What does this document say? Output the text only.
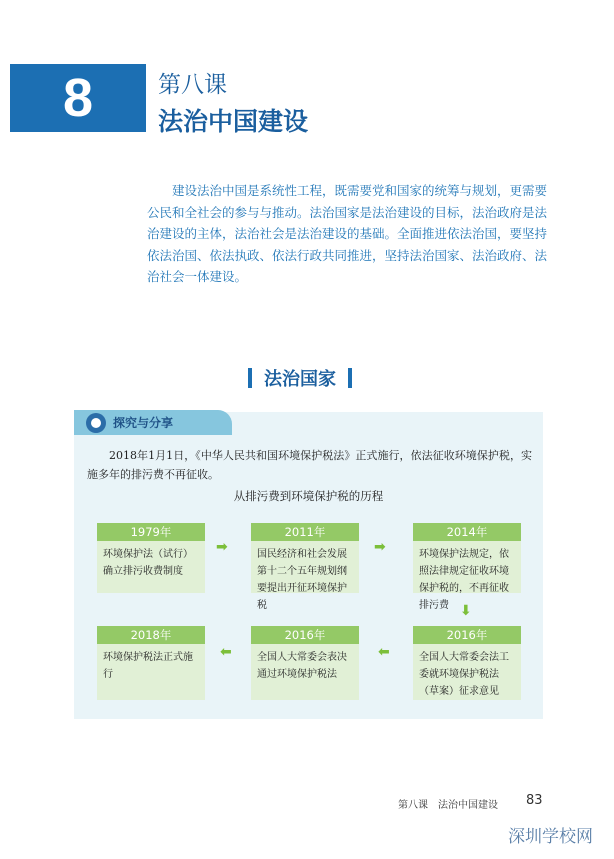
8	第八课
法治中国建设
建设法治中国是系统性工程，既需要党和国家的统筹与规划，更需要公民和全社会的参与与推动。法治国家是法治建设的目标，法治政府是法治建设的主体，法治社会是法治建设的基础。全面推进依法治国，要坚持依法治国、依法执政、依法行政共同推进，坚持法治国家、法治政府、法治社会一体建设。
法治国家
探究与分享
2018年1月1日，《中华人民共和国环境保护税法》正式施行，依法征收环境保护税，实施多年的排污费不再征收。
从排污费到环境保护税的历程
1979年
环境保护法（试行）确立排污收费制度
➡
2011年
国民经济和社会发展第十二个五年规划纲要提出开征环境保护税
➡
2014年
环境保护法规定，依照法律规定征收环境保护税的，不再征收排污费 ⬇
2016年
全国人大常委会法工委就环境保护税法（草案）征求意见
⬅
2016年
全国人大常委会表决通过环境保护税法
⬅
2018年
环境保护税法正式施行
第八课　法治中国建设 83
深圳学校网
